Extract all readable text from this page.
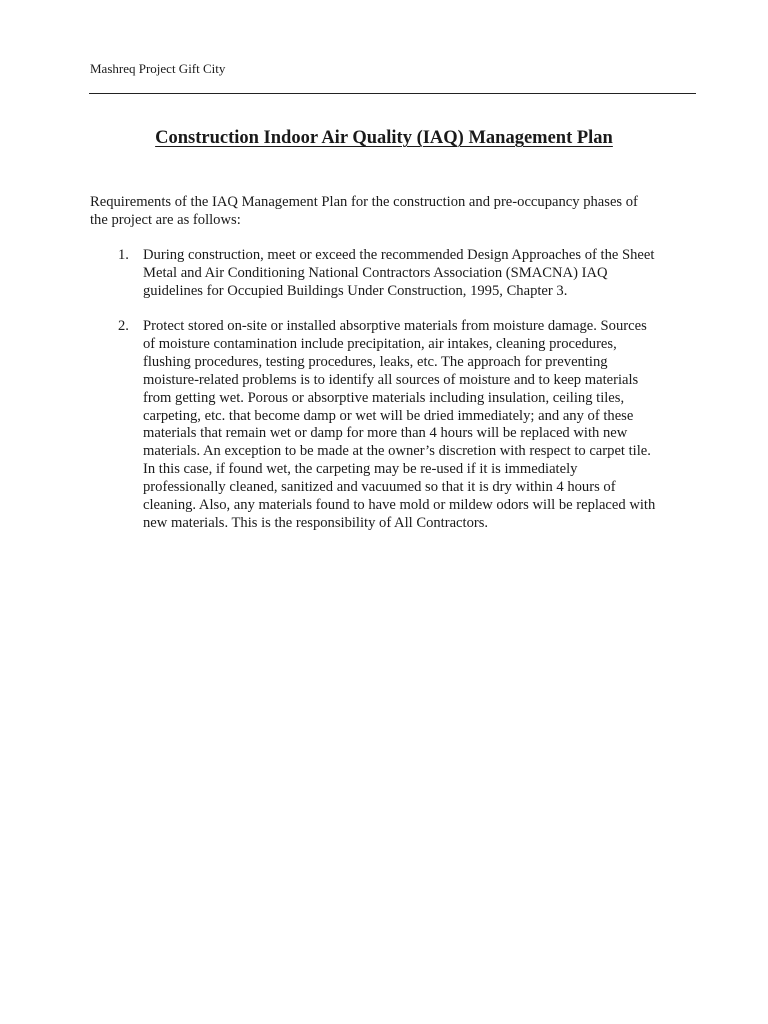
Mashreq Project Gift City
Construction Indoor Air Quality (IAQ) Management Plan
Requirements of the IAQ Management Plan for the construction and pre-occupancy phases of
the project are as follows:
1. During construction, meet or exceed the recommended Design Approaches of the Sheet
Metal and Air Conditioning National Contractors Association (SMACNA) IAQ
guidelines for Occupied Buildings Under Construction, 1995, Chapter 3.
2. Protect stored on-site or installed absorptive materials from moisture damage. Sources
of moisture contamination include precipitation, air intakes, cleaning procedures,
flushing procedures, testing procedures, leaks, etc. The approach for preventing
moisture-related problems is to identify all sources of moisture and to keep materials
from getting wet. Porous or absorptive materials including insulation, ceiling tiles,
carpeting, etc. that become damp or wet will be dried immediately; and any of these
materials that remain wet or damp for more than 4 hours will be replaced with new
materials. An exception to be made at the owner’s discretion with respect to carpet tile.
In this case, if found wet, the carpeting may be re-used if it is immediately
professionally cleaned, sanitized and vacuumed so that it is dry within 4 hours of
cleaning. Also, any materials found to have mold or mildew odors will be replaced with
new materials. This is the responsibility of All Contractors.
